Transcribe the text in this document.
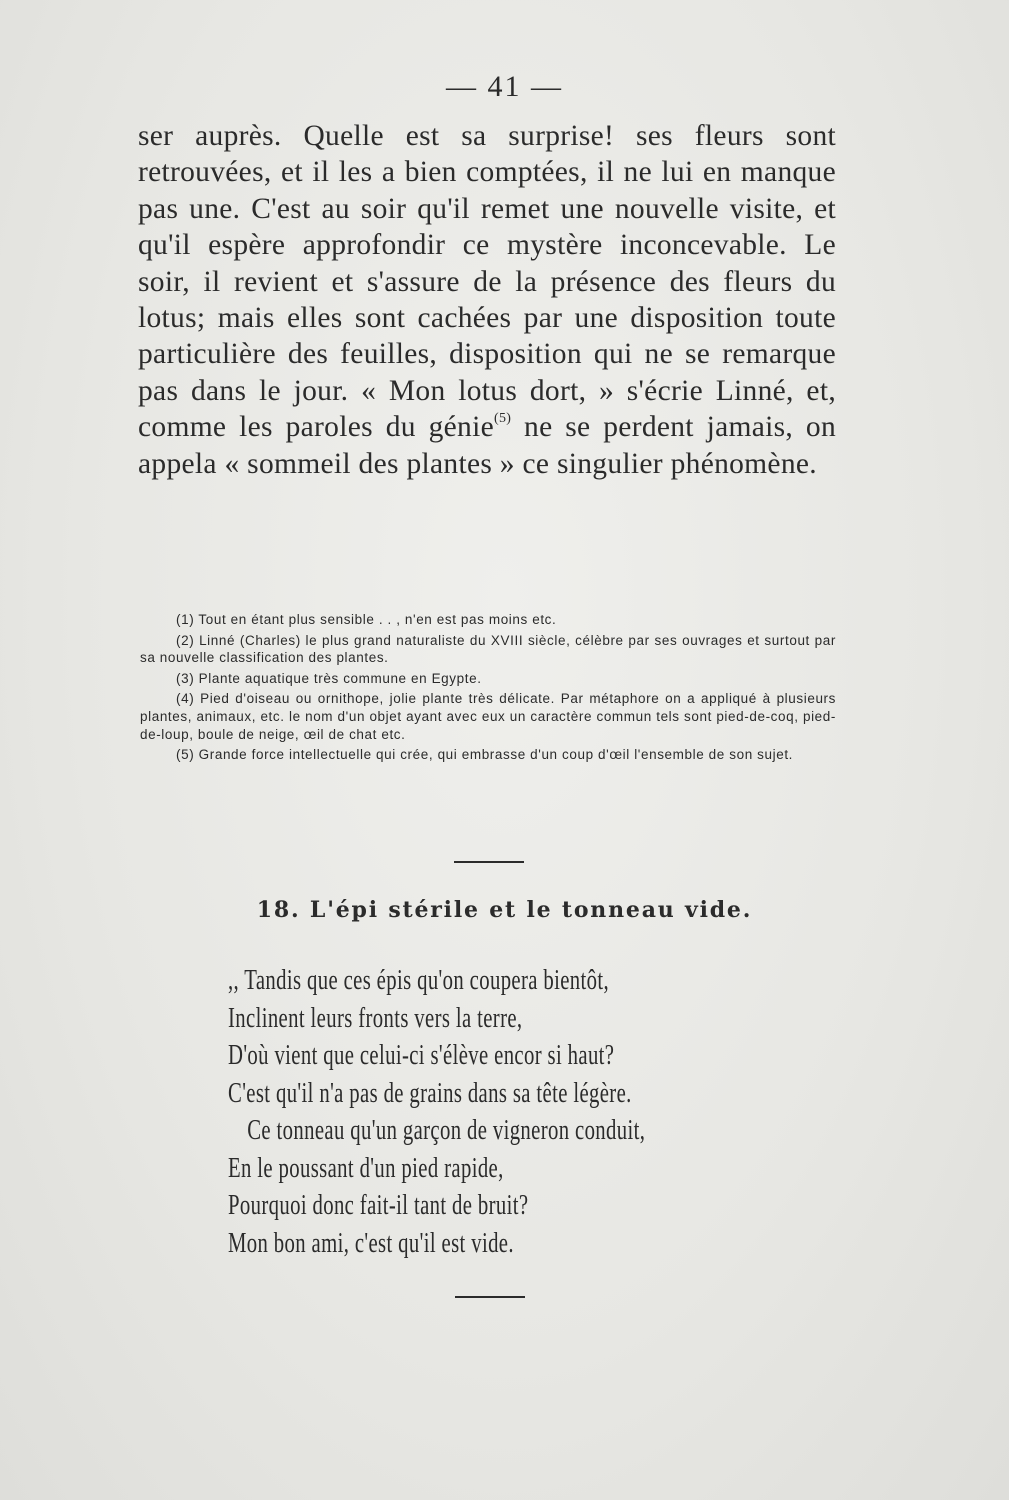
— 41 —
ser auprès. Quelle est sa surprise! ses fleurs sont retrouvées, et il les a bien comptées, il ne lui en manque pas une. C'est au soir qu'il remet une nouvelle visite, et qu'il espère approfondir ce mystère inconcevable. Le soir, il revient et s'assure de la présence des fleurs du lotus; mais elles sont cachées par une disposition toute particulière des feuilles, disposition qui ne se remarque pas dans le jour. « Mon lotus dort, » s'écrie Linné, et, comme les paroles du génie$^{(5)}$ ne se perdent jamais, on appela « sommeil des plantes » ce singulier phénomène.
(1) Tout en étant plus sensible . . , n'en est pas moins etc.
(2) Linné (Charles) le plus grand naturaliste du XVIII siècle, célèbre par ses ouvrages et surtout par sa nouvelle classification des plantes.
(3) Plante aquatique très commune en Egypte.
(4) Pied d'oiseau ou ornithope, jolie plante très délicate. Par métaphore on a appliqué à plusieurs plantes, animaux, etc. le nom d'un objet ayant avec eux un caractère commun tels sont pied-de-coq, pied-de-loup, boule de neige, œil de chat etc.
(5) Grande force intellectuelle qui crée, qui embrasse d'un coup d'œil l'ensemble de son sujet.
18. L'épi stérile et le tonneau vide.
,, Tandis que ces épis qu'on coupera bientôt,
Inclinent leurs fronts vers la terre,
D'où vient que celui-ci s'élève encor si haut?
C'est qu'il n'a pas de grains dans sa tête légère.
Ce tonneau qu'un garçon de vigneron conduit,
En le poussant d'un pied rapide,
Pourquoi donc fait-il tant de bruit?
Mon bon ami, c'est qu'il est vide.
